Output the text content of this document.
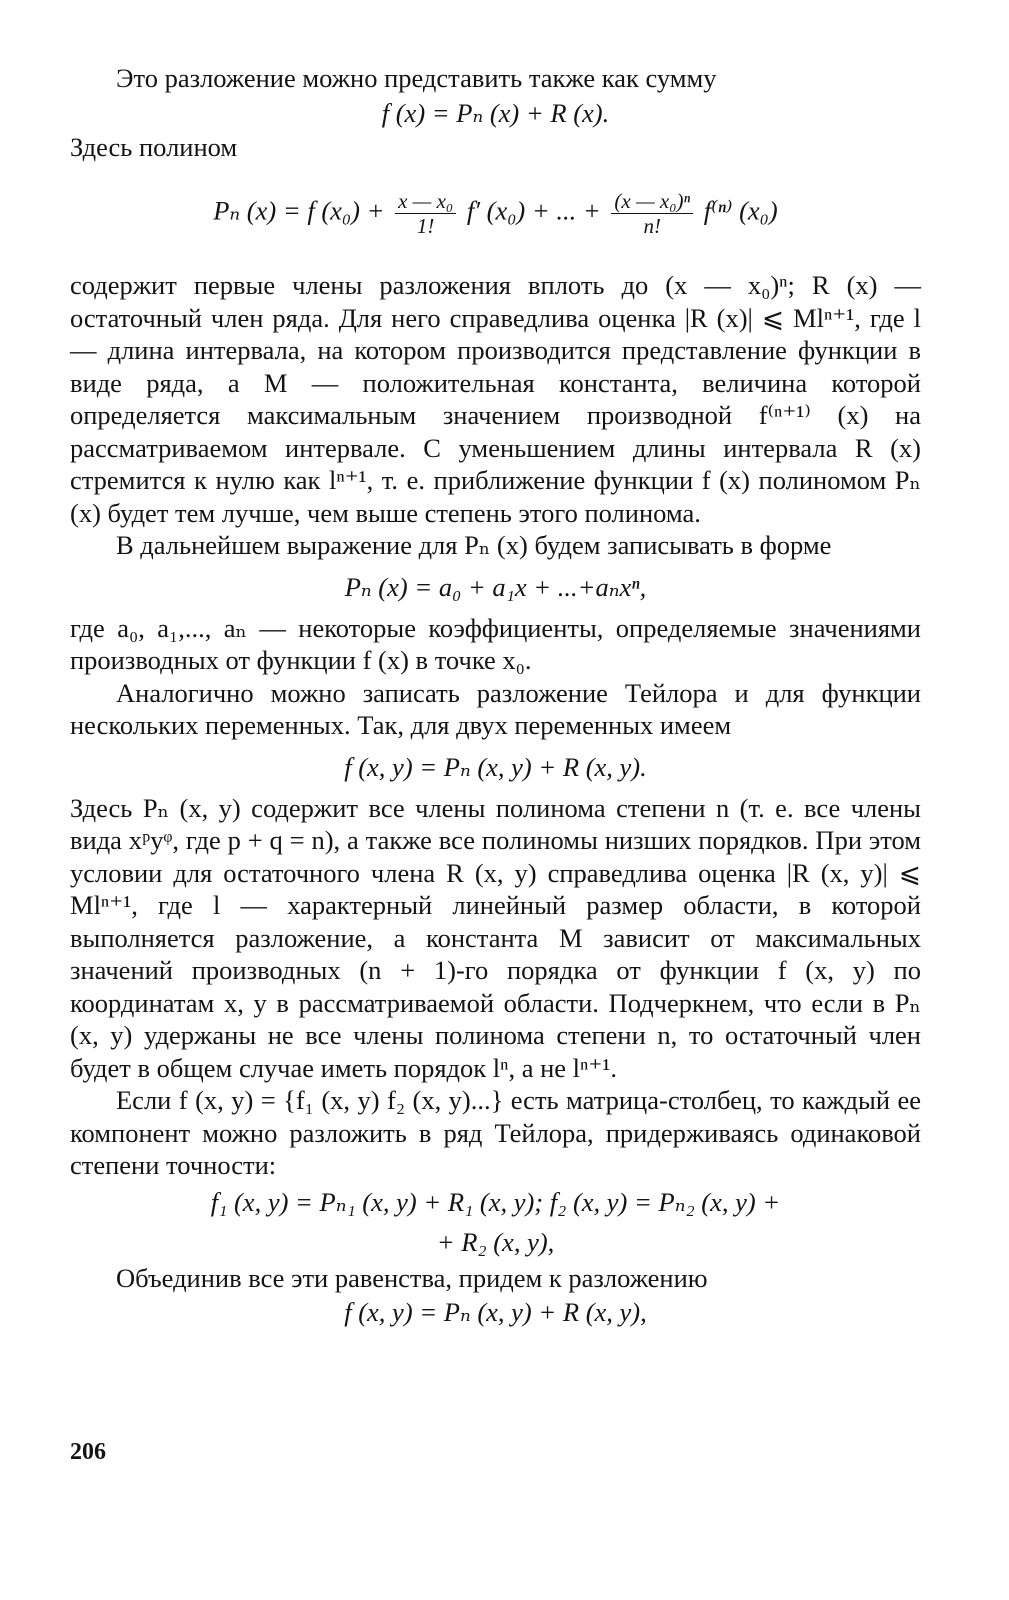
Это разложение можно представить также как сумму

f (x) = Pₙ (x) + R (x).

Здесь полином

Pₙ (x) = f $(x_0) + \frac{\text{x — x₀}}{1!} f'$ (x₀) + ... + $\frac{\text{(x — x₀)ⁿ}}{n!} f^{(n)}$ (x₀)

содержит первые члены разложения вплоть до (x — x₀)ⁿ; R (x) — остаточный член ряда. Для него справедлива оценка |R (x)| ⩽ Mlⁿ⁺¹, где l — длина интервала, на котором производится представление функции в виде ряда, а M — положительная константа, величина которой определяется максимальным значением производной f⁽ⁿ⁺¹⁾ (x) на рассматриваемом интервале. С уменьшением длины интервала R (x) стремится к нулю как lⁿ⁺¹, т. е. приближение функции f (x) полиномом Pₙ (x) будет тем лучше, чем выше степень этого полинома.

В дальнейшем выражение для Pₙ (x) будем записывать в форме

Pₙ (x) = a₀ + a₁x + ...+aₙxⁿ,

где a₀, a₁,..., aₙ — некоторые коэффициенты, определяемые значениями производных от функции f (x) в точке x₀.

Аналогично можно записать разложение Тейлора и для функции нескольких переменных. Так, для двух переменных имеем

f (x, y) = Pₙ (x, y) + R (x, y).

Здесь Pₙ (x, y) содержит все члены полинома степени n (т. е. все члены вида xᵖyᵠ, где p + q = n), а также все полиномы низших порядков. При этом условии для остаточного члена R (x, y) справедлива оценка |R (x, y)| ⩽ Mlⁿ⁺¹, где l — характерный линейный размер области, в которой выполняется разложение, а константа M зависит от максимальных значений производных (n + 1)-го порядка от функции f (x, y) по координатам x, y в рассматриваемой области. Подчеркнем, что если в Pₙ (x, y) удержаны не все члены полинома степени n, то остаточный член будет в общем случае иметь порядок lⁿ, а не lⁿ⁺¹.

Если f (x, y) = {f₁ (x, y) f₂ (x, y)...} есть матрица-столбец, то каждый ее компонент можно разложить в ряд Тейлора, придерживаясь одинаковой степени точности:

f₁ (x, y) = Pₙ₁ (x, y) + R₁ (x, y); f₂ (x, y) = Pₙ₂ (x, y) +

+ R₂ (x, y),

Объединив все эти равенства, придем к разложению

f (x, y) = Pₙ (x, y) + R (x, y),

206
